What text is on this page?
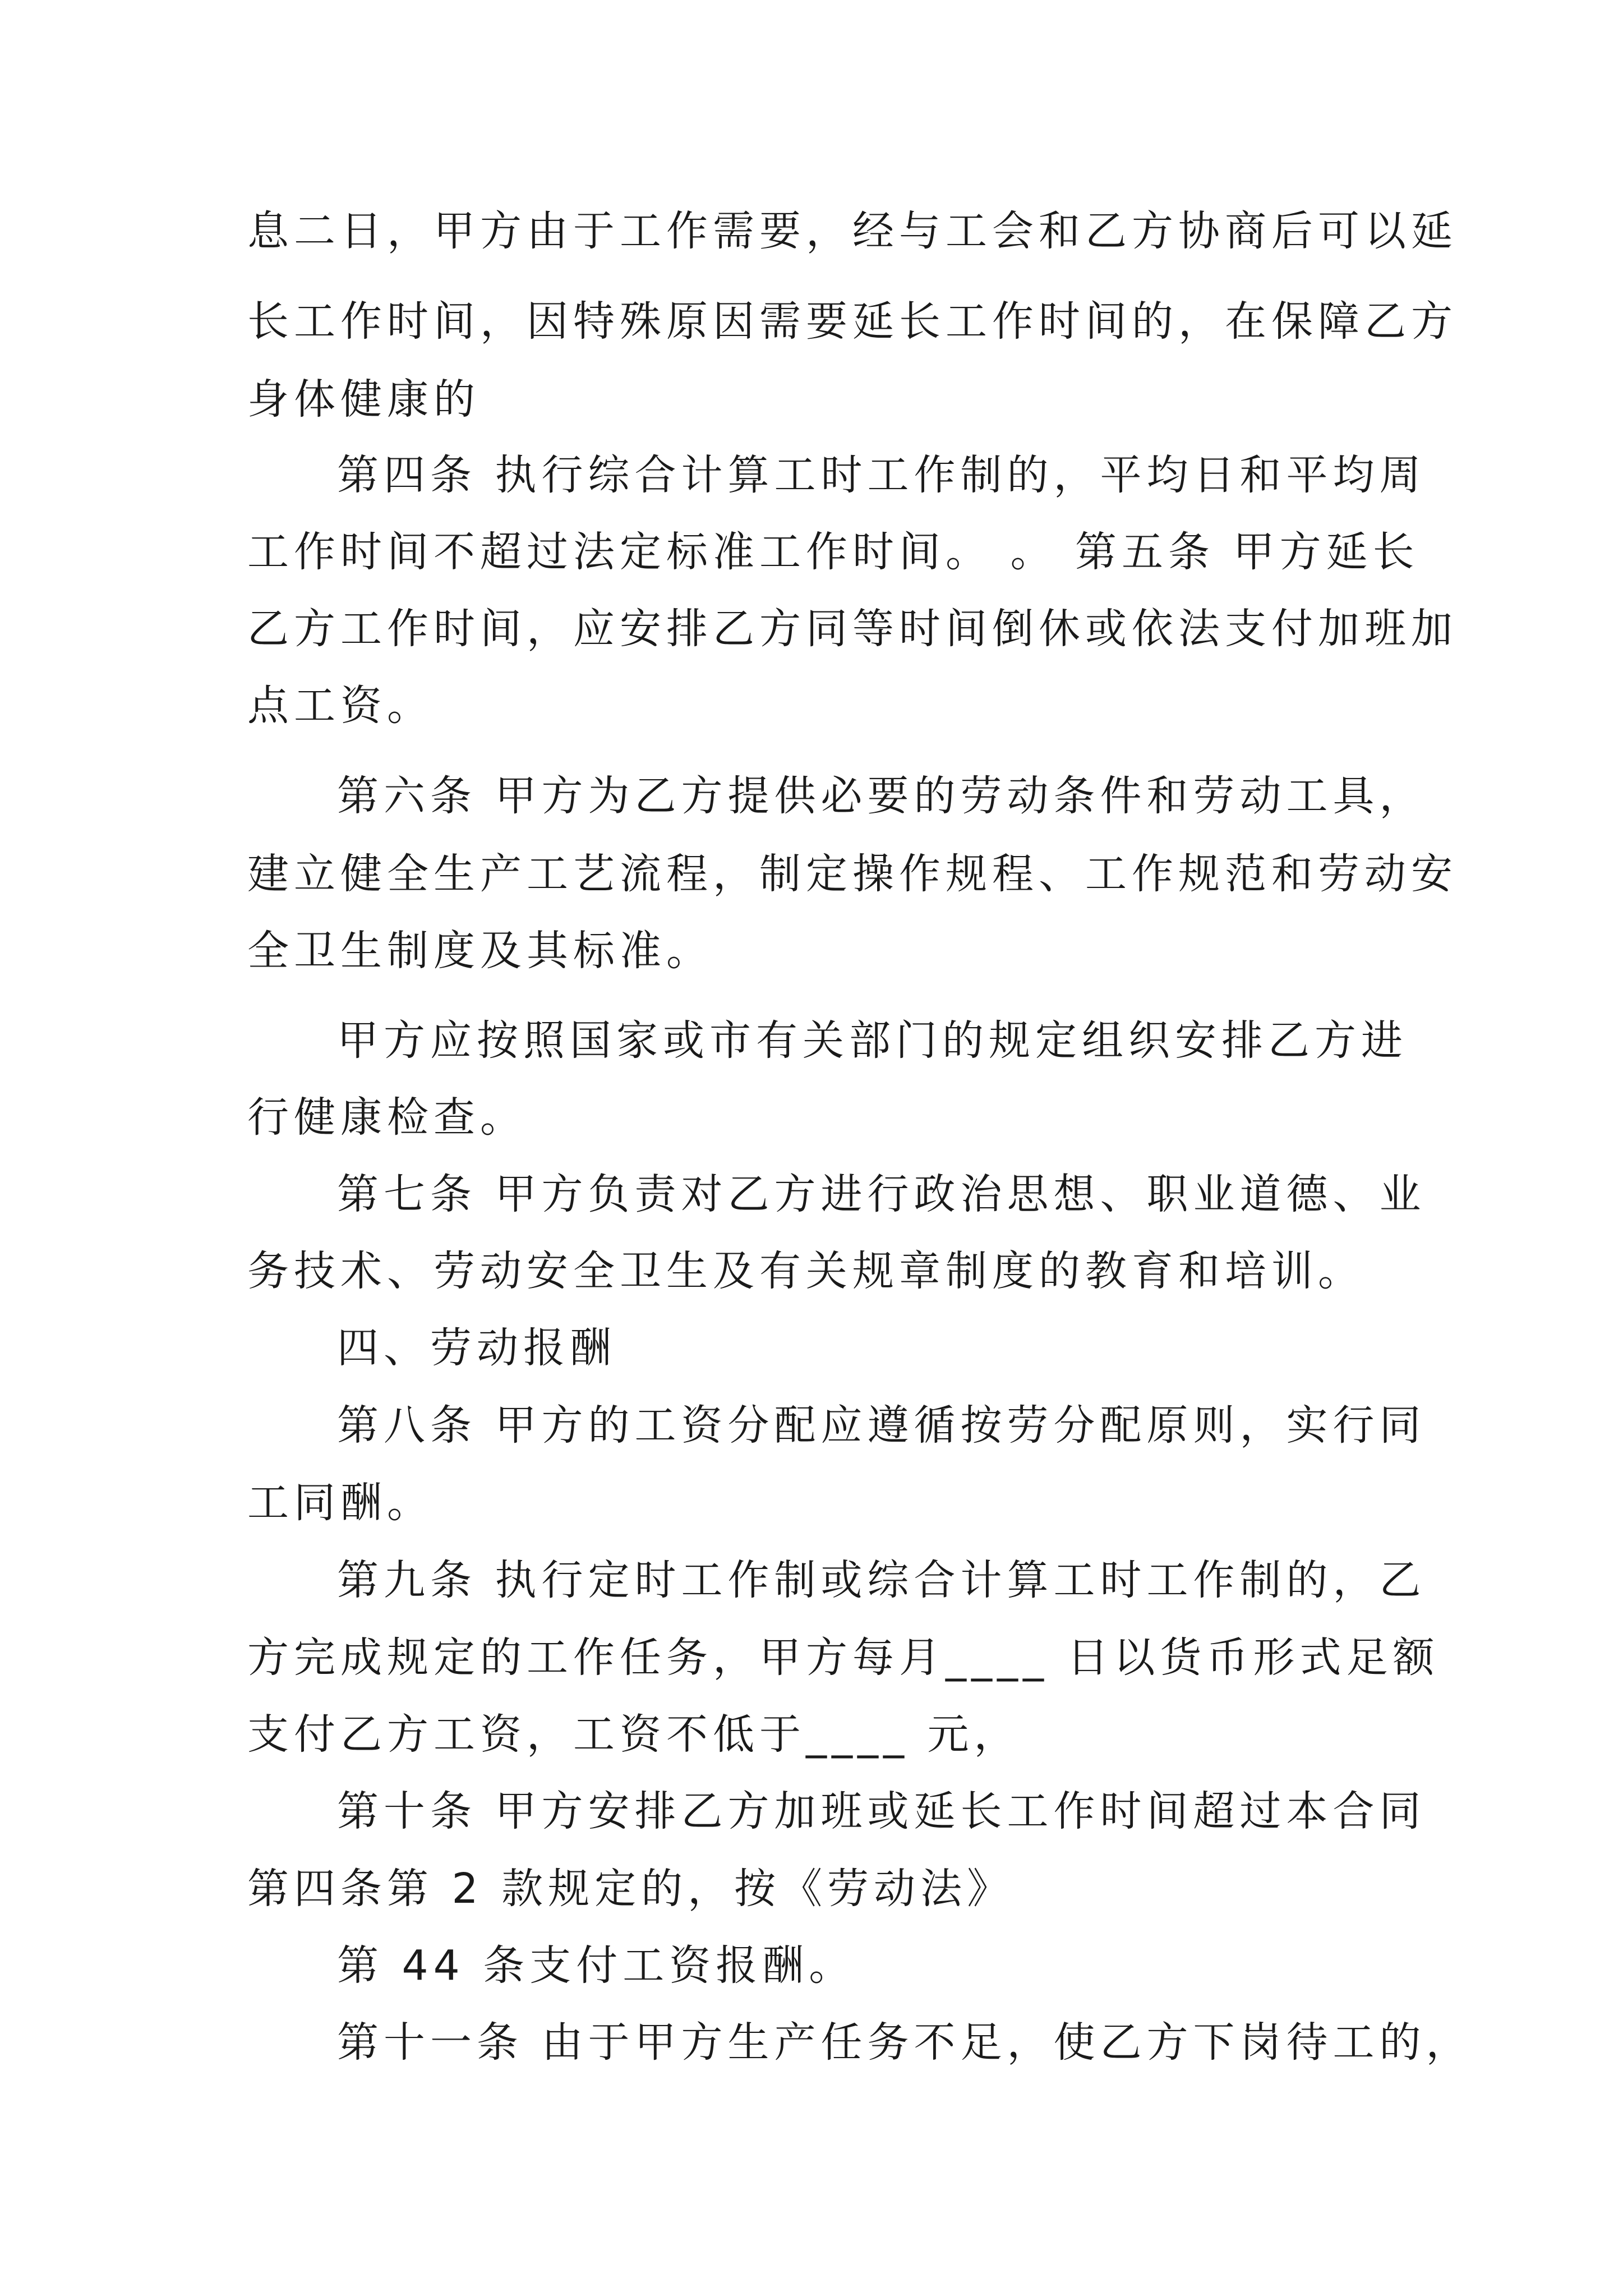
息二日，甲方由于工作需要，经与工会和乙方协商后可以延
长工作时间，因特殊原因需要延长工作时间的，在保障乙方
身体健康的
第四条 执行综合计算工时工作制的，平均日和平均周
工作时间不超过法定标准工作时间。 。 第五条 甲方延长
乙方工作时间，应安排乙方同等时间倒休或依法支付加班加
点工资。
第六条 甲方为乙方提供必要的劳动条件和劳动工具，
建立健全生产工艺流程，制定操作规程、工作规范和劳动安
全卫生制度及其标准。
甲方应按照国家或市有关部门的规定组织安排乙方进
行健康检查。
第七条 甲方负责对乙方进行政治思想、职业道德、业
务技术、劳动安全卫生及有关规章制度的教育和培训。
四、劳动报酬
第八条 甲方的工资分配应遵循按劳分配原则，实行同
工同酬。
第九条 执行定时工作制或综合计算工时工作制的，乙
方完成规定的工作任务，甲方每月____ 日以货币形式足额
支付乙方工资，工资不低于____ 元，
第十条 甲方安排乙方加班或延长工作时间超过本合同
第四条第 2 款规定的，按《劳动法》
第 44 条支付工资报酬。
第十一条 由于甲方生产任务不足，使乙方下岗待工的，
